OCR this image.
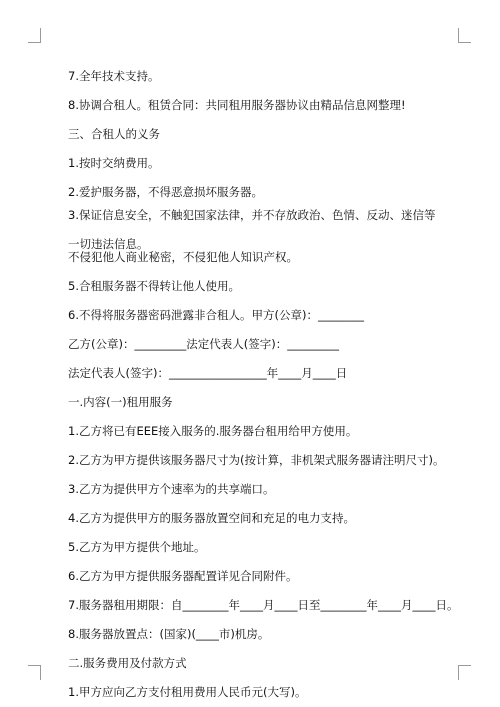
7.全年技术支持。

8.协调合租人。租赁合同：共同租用服务器协议由精品信息网整理!

三、合租人的义务

1.按时交纳费用。

2.爱护服务器，不得恶意损坏服务器。

3.保证信息安全，不触犯国家法律，并不存放政治、色情、反动、迷信等一切违法信息。

不侵犯他人商业秘密，不侵犯他人知识产权。

5.合租服务器不得转让他人使用。

6.不得将服务器密码泄露非合租人。甲方(公章)：________

乙方(公章)：_________法定代表人(签字)：_________

法定代表人(签字)：_________________年____月____日

一.内容(一)租用服务

1.乙方将已有EEE接入服务的.服务器台租用给甲方使用。

2.乙方为甲方提供该服务器尺寸为(按计算，非机架式服务器请注明尺寸)。

3.乙方为提供甲方个速率为的共享端口。

4.乙方为提供甲方的服务器放置空间和充足的电力支持。

5.乙方为甲方提供个地址。

6.乙方为甲方提供服务器配置详见合同附件。

7.服务器租用期限：自________年____月____日至________年____月____日。

8.服务器放置点：(国家)(____市)机房。

二.服务费用及付款方式

1.甲方应向乙方支付租用费用人民币元(大写)。
